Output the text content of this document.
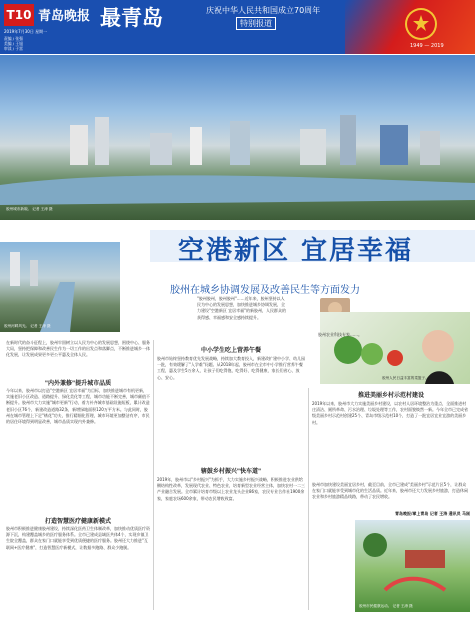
T10 青岛晚报 最青岛
2019年7月30日 星期一
责编 / 张强
美编 / 王旭
审读 / 于雷
庆祝中华人民共和国成立70周年
特别报道
1949 — 2019
胶州城市新貌。 记者 王涛 摄
空港新区 宜居幸福
胶州在城乡协调发展及改善民生等方面发力
胶州河畔风光。 记者 王涛 摄
"胶州胶州，胶州胶州"……近年来，胶州坚持以人民为中心的发展思想，加快推进城乡协调发展，全力建设"空港新区 宜居幸福"的新胶州，人民群众的获得感、幸福感和安全感持续提升。
胶州人民日益丰富的菜篮子。
胶州农业科技专家……。
在新时代的奋斗征程上，胶州牢固树立以人民为中心的发展思想，围绕中心、服务大局，坚持把保障和改善民生作为一切工作的出发点和落脚点，不断推进城乡一体化发展，让发展成果更多更公平惠及全体人民。
"内外兼修"提升城市品质
今年以来，胶州市以打造"空港新区 宜居幸福"为目标，加快推进城市有机更新，实施老旧小区改造、道路提升、绿化美化等工程，城市功能不断完善，城市颜值不断提升。胶州市大力实施"城市更新"行动，着力补齐城市基础设施短板，累计改造老旧小区76个，新建改造道路32条，新增绿地面积120万平方米。与此同时，胶州在城市管理上下足"绣花"功夫，推行精细化管理，城市环境更加整洁有序，市民的居住环境得到明显改善，城市品质实现内外兼修。
打造智慧医疗健康新模式
胶州市积极推进健康胶州建设，持续深化医药卫生体制改革，加快推动优质医疗资源下沉，构建覆盖城乡的医疗服务体系。全市已建成县域医共体4个，实现乡镇卫生院全覆盖，群众在家门口就能享受到优质便捷的医疗服务。胶州还大力推进"互联网+医疗健康"，打造智慧医疗新模式，让数据多跑路、群众少跑腿。
中小学生吃上营养午餐
胶州市始终坚持教育优先发展战略，持续加大教育投入，新建改扩建中小学、幼儿园一批，有效缓解了"入学难"问题。从2018年起，胶州市在全市中小学推行营养午餐工程，惠及学生5万余人，让孩子们吃得饱、吃得好、吃得健康，家长们省心、放心、安心。
辖鼓乡村振兴"快车道"
2019年，胶州市以"乡村振兴"为抓手，大力实施乡村振兴战略，积极推进农业供给侧结构性改革，发展现代农业、特色农业，培育新型农业经营主体，加快农村一二三产业融合发展。全市累计培育市级以上农业龙头企业86家，农民专业合作社1900余家，家庭农场600余家，带动农民增收致富。
推进美丽乡村示范村建设
2019年以来，胶州市大力实施美丽乡村建设，以农村人居环境整治为重点，全面推进村庄清洁、厕所革命、污水治理、垃圾处理等工作，农村面貌焕然一新。今年全市已完成省级美丽乡村示范村创建25个、青岛市级示范村10个，打造了一批宜居宜业宜游的美丽乡村。
胶州市加快建设美丽宜居乡村，截至目前，全市已建成"美丽乡村"示范片区5个，让群众在家门口就能享受到城市化的生活品质。近年来，胶州市还大力发展乡村旅游，打造休闲农业和乡村旅游精品线路，带动了农民增收。
青岛晚报/掌上青岛 记者 王涛 通讯员 马刚
胶州市民健康运动。 记者 王涛 摄
